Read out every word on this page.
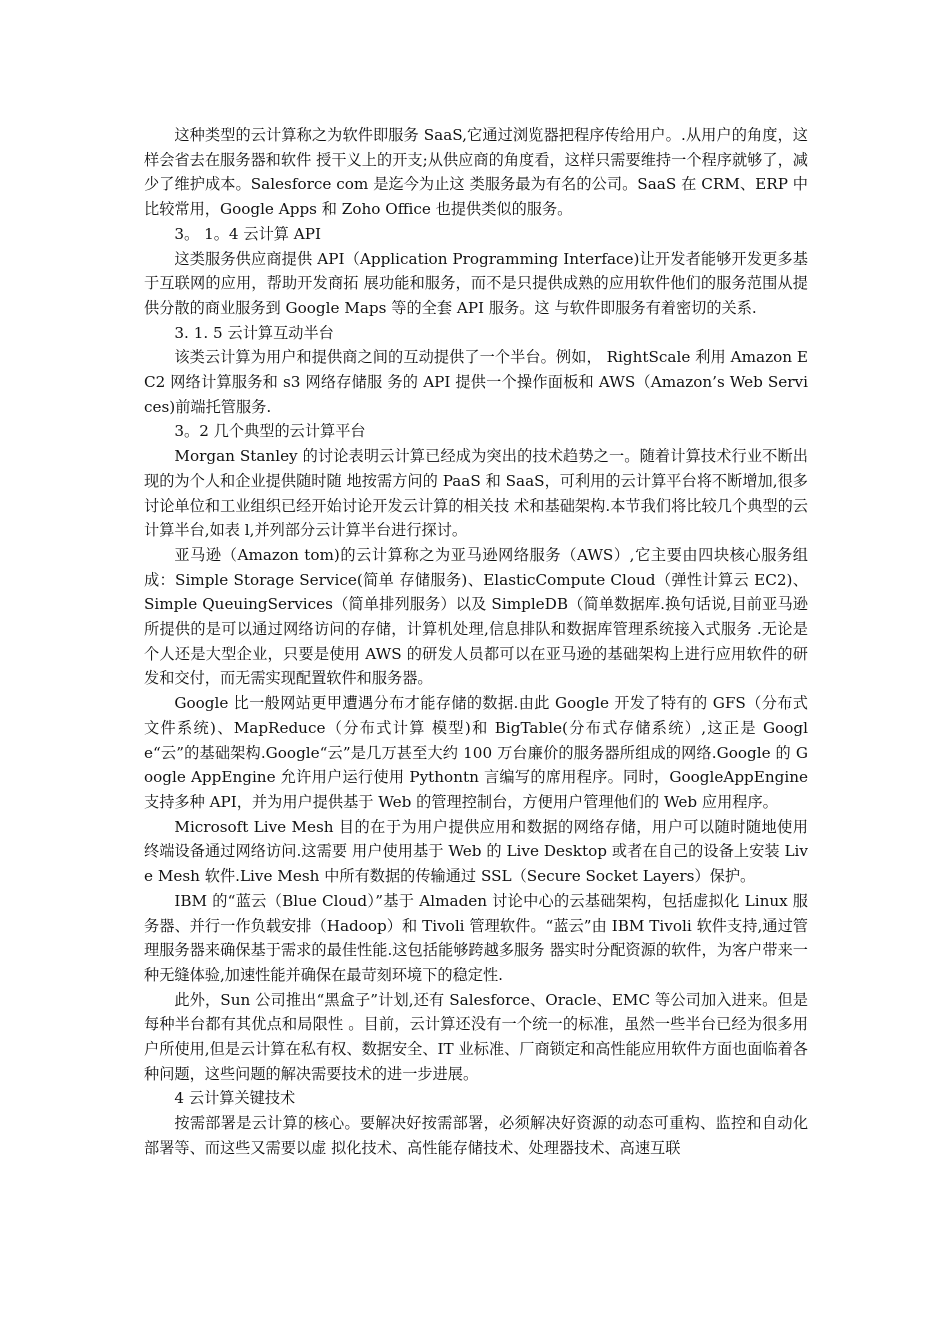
这种类型的云计算称之为软件即服务 SaaS,它通过浏览器把程序传给用户。.从用户的角度，这样会省去在服务器和软件 授干义上的开支;从供应商的角度看，这样只需要维持一个程序就够了，减少了维护成本。Salesforce com 是迄今为止这 类服务最为有名的公司。SaaS 在 CRM、ERP 中比较常用，Google Apps 和 Zoho Office 也提供类似的服务。

3。 1。4 云计算 API

这类服务供应商提供 API（Application Programming Interface)让开发者能够开发更多基于互联网的应用，帮助开发商拓 展功能和服务，而不是只提供成熟的应用软件他们的服务范围从提供分散的商业服务到 Google Maps 等的全套 API 服务。这 与软件即服务有着密切的关系.

3. 1. 5 云计算互动半台

该类云计算为用户和提供商之间的互动提供了一个半台。例如， RightScale 利用 Amazon EC2 网络计算服务和 s3 网络存储服 务的 API 提供一个操作面板和 AWS（Amazon’s Web Services)前端托管服务.

3。2 几个典型的云计算平台

Morgan Stanley 的讨论表明云计算已经成为突出的技术趋势之一。随着计算技术行业不断出现的为个人和企业提供随时随 地按需方问的 PaaS 和 SaaS，可利用的云计算平台将不断增加,很多讨论单位和工业组织已经开始讨论开发云计算的相关技 术和基础架构.本节我们将比较几个典型的云计算半台,如表 l,并列部分云计算半台进行探讨。

亚马逊（Amazon tom)的云计算称之为亚马逊网络服务（AWS）,它主要由四块核心服务组成：Simple Storage Service(简单 存储服务)、ElasticCompute Cloud（弹性计算云 EC2)、Simple QueuingServices（简单排列服务）以及 SimpleDB（简单数据库.换句话说,目前亚马逊所提供的是可以通过网络访问的存储，计算机处理,信息排队和数据库管理系统接入式服务 .无论是个人还是大型企业，只要是使用 AWS 的研发人员都可以在亚马逊的基础架构上进行应用软件的研发和交付，而无需实现配置软件和服务器。

Google 比一般网站更甲遭遇分布才能存储的数据.由此 Google 开发了特有的 GFS（分布式文件系统)、MapReduce（分布式计算 模型)和 BigTable(分布式存储系统）,这正是 Google“云”的基础架构.Google“云”是几万甚至大约 100 万台廉价的服务器所组成的网络.Google 的 Google AppEngine 允许用户运行使用 Pythontn 言编写的席用程序。同时，GoogleAppEngine 支持多种 API，并为用户提供基于 Web 的管理控制台，方便用户管理他们的 Web 应用程序。

Microsoft Live Mesh 目的在于为用户提供应用和数据的网络存储，用户可以随时随地使用终端设备通过网络访问.这需要 用户使用基于 Web 的 Live Desktop 或者在自己的设备上安装 Live Mesh 软件.Live Mesh 中所有数据的传输通过 SSL（Secure Socket Layers）保护。

IBM 的“蓝云（Blue Cloud）”基于 Almaden 讨论中心的云基础架构，包括虚拟化 Linux 服务器、并行一作负载安排（Hadoop）和 Tivoli 管理软件。“蓝云”由 IBM Tivoli 软件支持,通过管理服务器来确保基于需求的最佳性能.这包括能够跨越多服务 器实时分配资源的软件，为客户带来一种无缝体验,加速性能并确保在最苛刻环境下的稳定性.

此外，Sun 公司推出“黑盒子”计划,还有 Salesforce、Oracle、EMC 等公司加入进来。但是每种半台都有其优点和局限性 。目前，云计算还没有一个统一的标准，虽然一些半台已经为很多用户所使用,但是云计算在私有权、数据安全、IT 业标准、厂商锁定和高性能应用软件方面也面临着各种问题，这些问题的解决需要技术的进一步进展。

4 云计算关键技术

按需部署是云计算的核心。要解决好按需部署，必须解决好资源的动态可重构、监控和自动化部署等、而这些又需要以虚 拟化技术、高性能存储技术、处理器技术、高速互联
